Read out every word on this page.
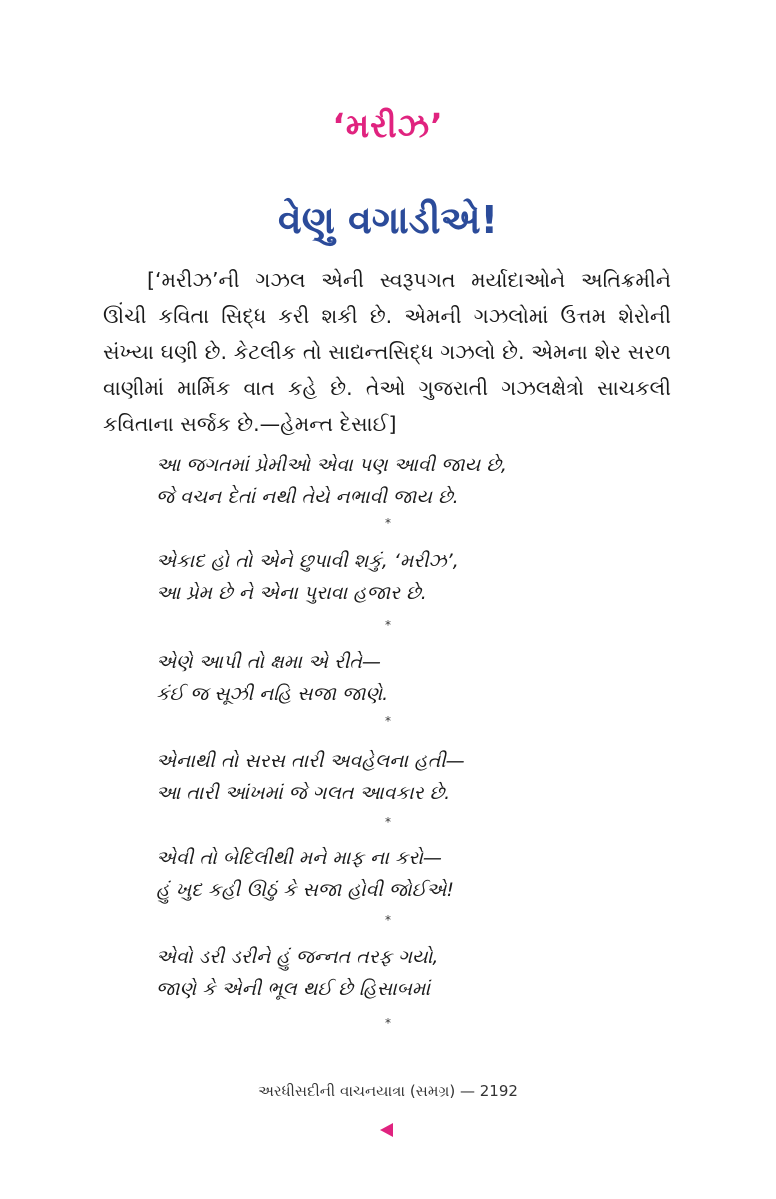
‘મરીઝ’
વેણુ વગાડીએ!
[‘મરીઝ’ની ગઝલ એની સ્વરૂપગત મર્યાદાઓને અતિક્રમીને ઊંચી કવિતા સિદ્ધ કરી શકી છે. એમની ગઝલોમાં ઉત્તમ શેરોની સંખ્યા ઘણી છે. કેટલીક તો સાદ્યન્તસિદ્ધ ગઝલો છે. એમના શેર સરળ વાણીમાં માર્મિક વાત કહે છે. તેઓ ગુજરાતી ગઝલક્ષેત્રો સાચકલી કવિતાના સર્જક છે.—હેમન્ત દેસાઈ]
આ જગતમાં પ્રેમીઓ એવા પણ આવી જાય છે,
જે વચન દેતાં નથી તેયે નભાવી જાય છે.
*
એકાદ હો તો એને છુપાવી શકું, ‘મરીઝ’,
આ પ્રેમ છે ને એના પુરાવા હજાર છે.
*
એણે આપી તો ક્ષમા એ રીતે—
કંઈ જ સૂઝી નહિ સજા જાણે.
*
એનાથી તો સરસ તારી અવહેલના હતી—
આ તારી આંખમાં જે ગલત આવકાર છે.
*
એવી તો બેદિલીથી મને માફ ના કરો—
હું ખુદ કહી ઊઠું કે સજા હોવી જોઈએ!
*
એવો ડરી ડરીને હું જન્નત તરફ ગયો,
જાણે કે એની ભૂલ થઈ છે હિસાબમાં
*
અરધીસદીની વાચનયાત્રા (સમગ્ર) — 2192
